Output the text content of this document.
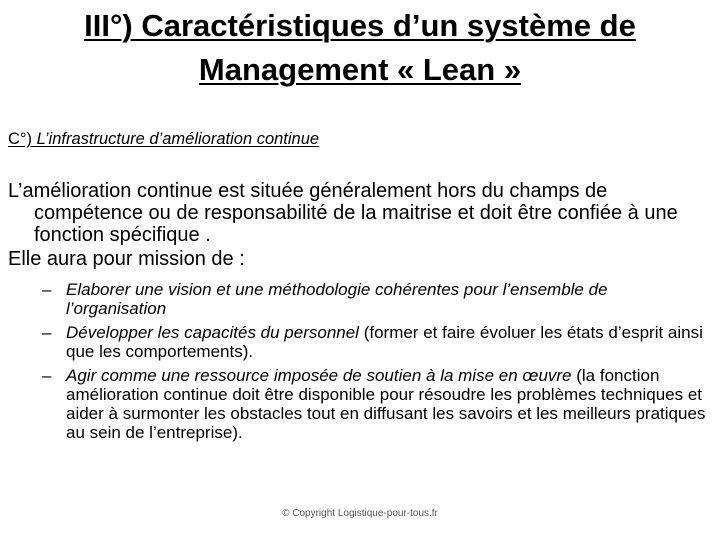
III°) Caractéristiques d’un système de
Management « Lean »
C°) L’infrastructure d’amélioration continue

L’amélioration continue est située généralement hors du champs de compétence ou de responsabilité de la maitrise et doit être confiée à une fonction spécifique .

Elle aura pour mission de :

– Elaborer une vision et une méthodologie cohérentes pour l’ensemble de l’organisation
– Développer les capacités du personnel (former et faire évoluer les états d’esprit ainsi que les comportements).
– Agir comme une ressource imposée de soutien à la mise en œuvre (la fonction amélioration continue doit être disponible pour résoudre les problèmes techniques et aider à surmonter les obstacles tout en diffusant les savoirs et les meilleurs pratiques au sein de l’entreprise).
© Copyright Logistique-pour-tous.fr
